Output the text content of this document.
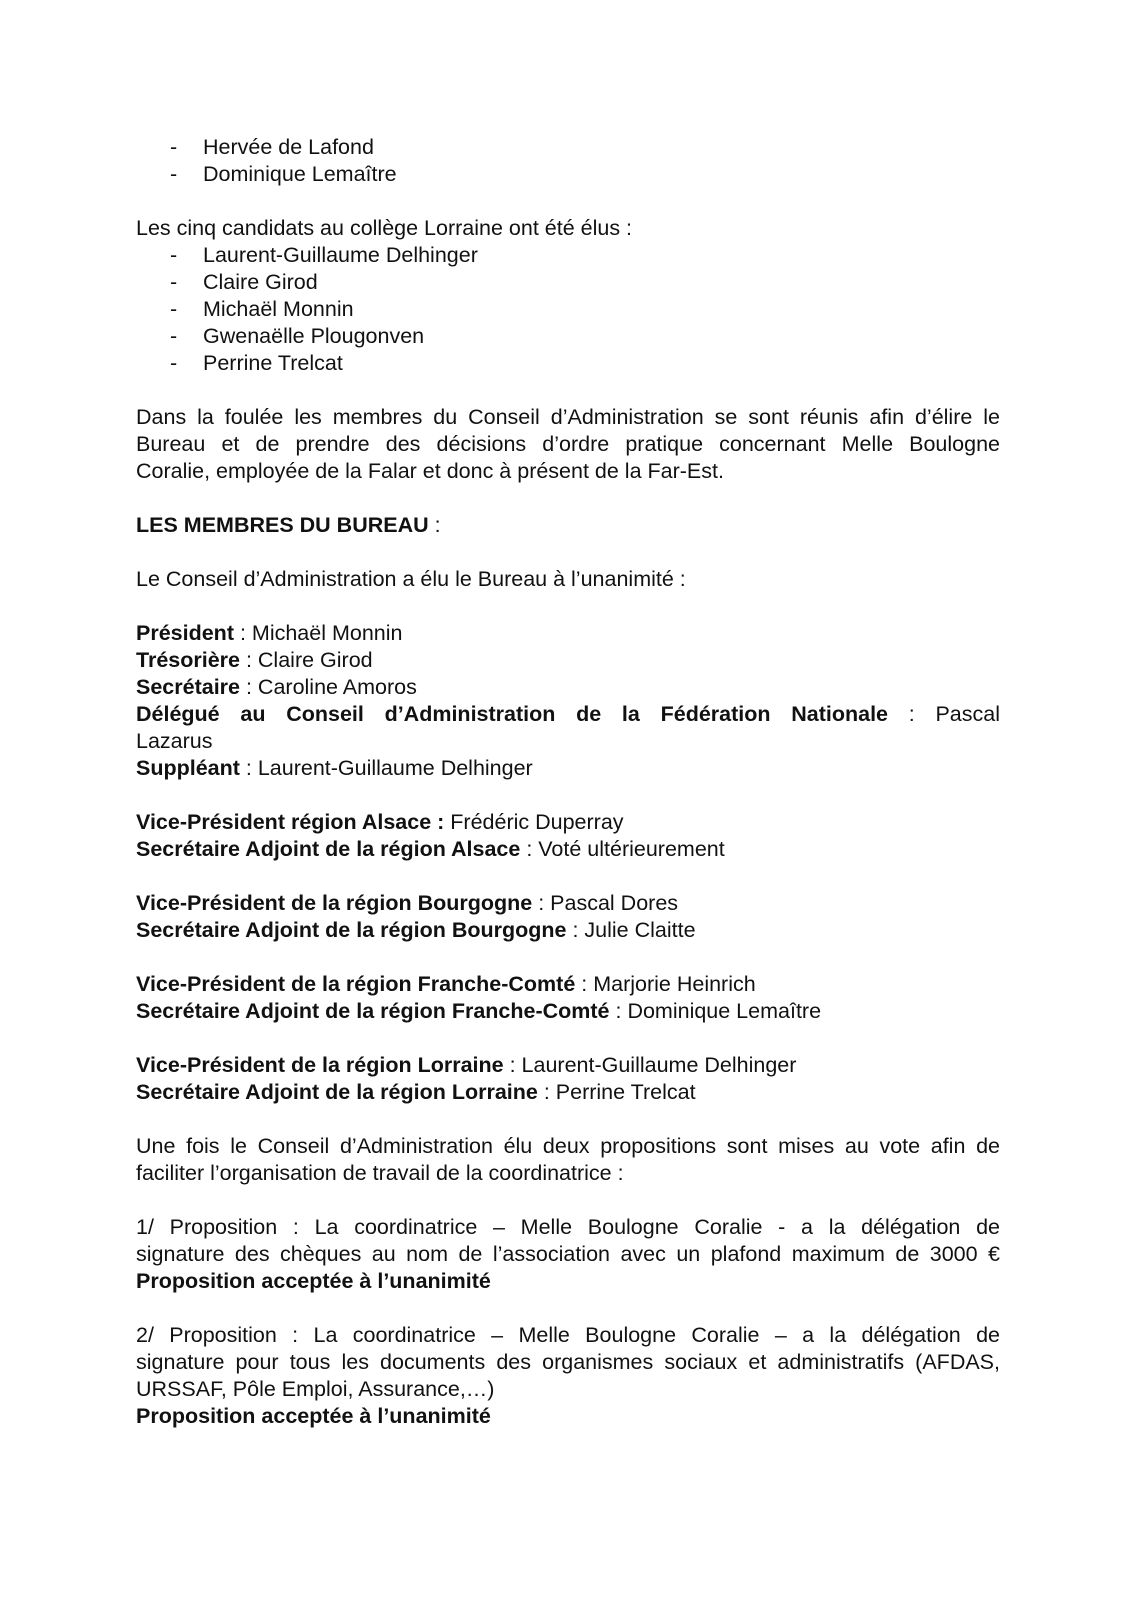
- Hervée de Lafond
- Dominique Lemaître

Les cinq candidats au collège Lorraine ont été élus :

- Laurent-Guillaume Delhinger
- Claire Girod
- Michaël Monnin
- Gwenaëlle Plougonven
- Perrine Trelcat

Dans la foulée les membres du Conseil d’Administration se sont réunis afin d’élire le

Bureau et de prendre des décisions d’ordre pratique concernant Melle Boulogne

Coralie, employée de la Falar et donc à présent de la Far-Est.

LES MEMBRES DU BUREAU :

Le Conseil d’Administration a élu le Bureau à l’unanimité :

Président : Michaël Monnin

Trésorière : Claire Girod

Secrétaire : Caroline Amoros

Délégué au Conseil d’Administration de la Fédération Nationale : Pascal

Lazarus

Suppléant : Laurent-Guillaume Delhinger

Vice-Président région Alsace : Frédéric Duperray

Secrétaire Adjoint de la région Alsace : Voté ultérieurement

Vice-Président de la région Bourgogne : Pascal Dores

Secrétaire Adjoint de la région Bourgogne : Julie Claitte

Vice-Président de la région Franche-Comté : Marjorie Heinrich

Secrétaire Adjoint de la région Franche-Comté : Dominique Lemaître

Vice-Président de la région Lorraine : Laurent-Guillaume Delhinger

Secrétaire Adjoint de la région Lorraine : Perrine Trelcat

Une fois le Conseil d’Administration élu deux propositions sont mises au vote afin de

faciliter l’organisation de travail de la coordinatrice :

1/ Proposition : La coordinatrice – Melle Boulogne Coralie - a la délégation de

signature des chèques au nom de l’association avec un plafond maximum de 3000 €

Proposition acceptée à l’unanimité

2/ Proposition : La coordinatrice – Melle Boulogne Coralie – a la délégation de

signature pour tous les documents des organismes sociaux et administratifs (AFDAS,

URSSAF, Pôle Emploi, Assurance,…)

Proposition acceptée à l’unanimité
